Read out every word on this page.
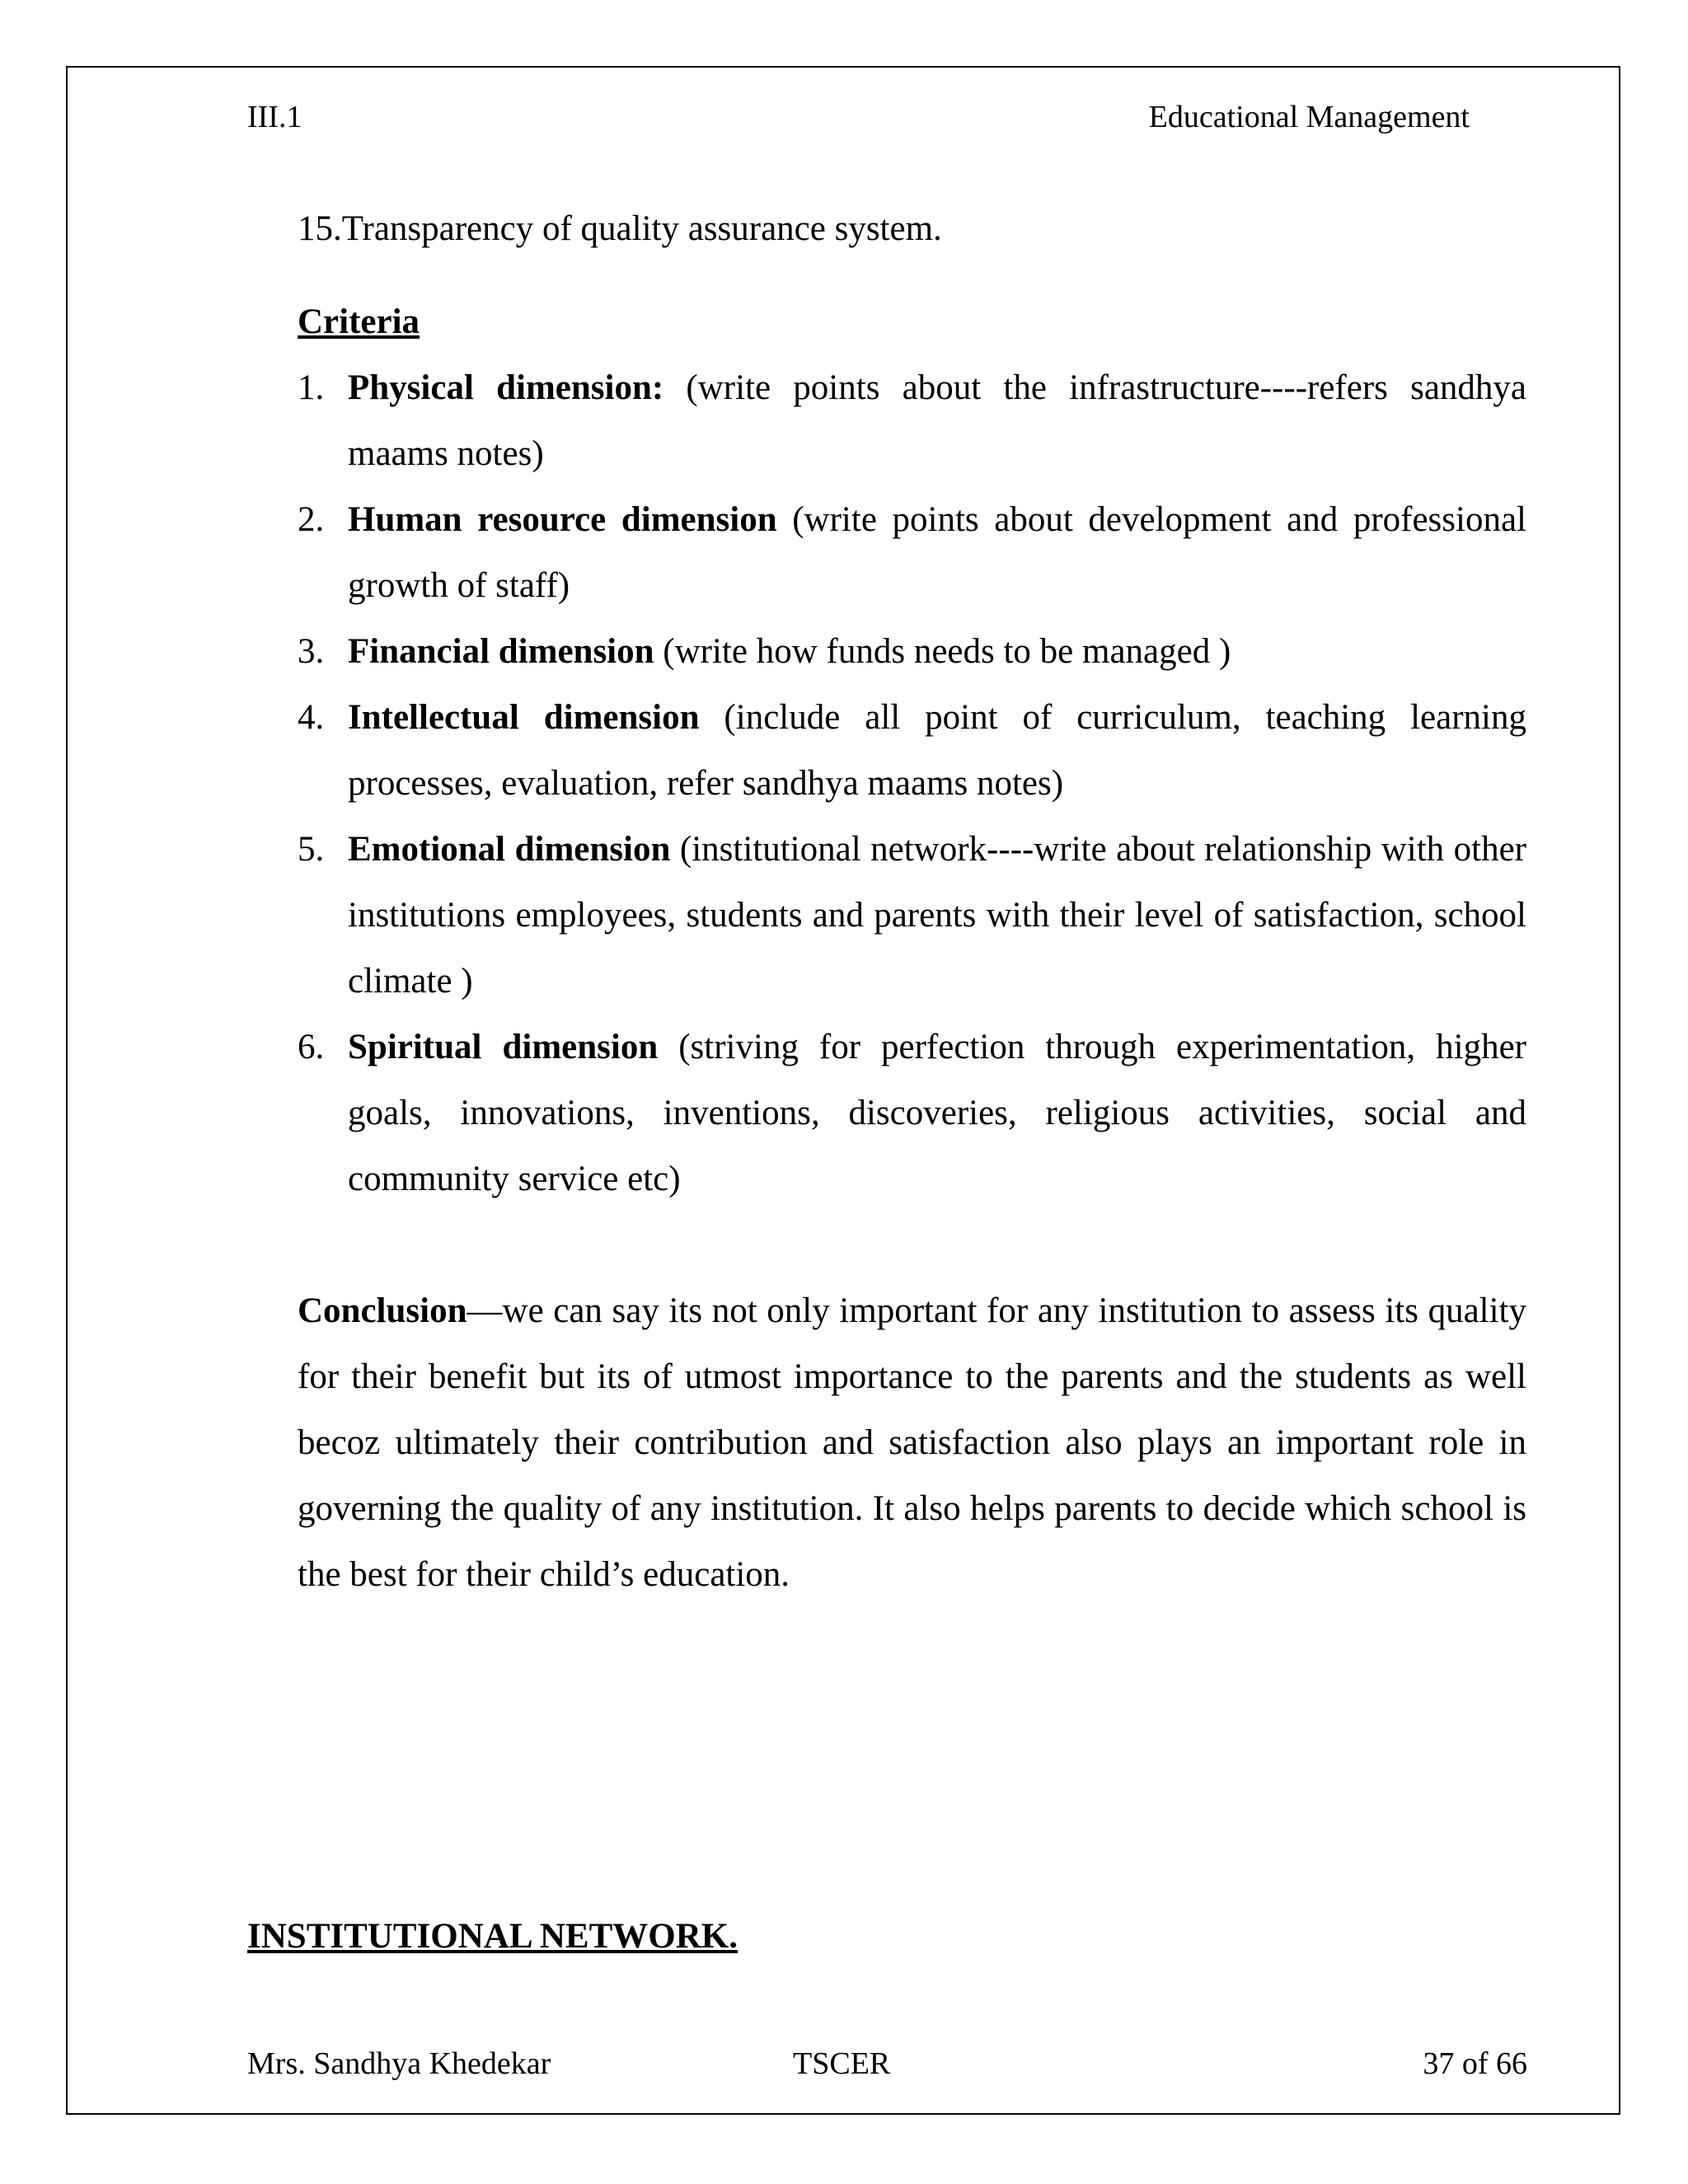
III.1	Educational Management

15.Transparency of quality assurance system.

Criteria

1. Physical dimension: (write points about the infrastructure----refers sandhya maams notes)
2. Human resource dimension (write points about development and professional growth of staff)
3. Financial dimension (write how funds needs to be managed )
4. Intellectual dimension (include all point of curriculum, teaching learning processes, evaluation, refer sandhya maams notes)
5. Emotional dimension (institutional network----write about relationship with other institutions employees, students and parents with their level of satisfaction, school climate )
6. Spiritual dimension (striving for perfection through experimentation, higher goals, innovations, inventions, discoveries, religious activities, social and community service etc)

Conclusion—we can say its not only important for any institution to assess its quality for their benefit but its of utmost importance to the parents and the students as well becoz ultimately their contribution and satisfaction also plays an important role in governing the quality of any institution. It also helps parents to decide which school is the best for their child’s education.

INSTITUTIONAL NETWORK.
Mrs. Sandhya Khedekar	TSCER	37 of 66
